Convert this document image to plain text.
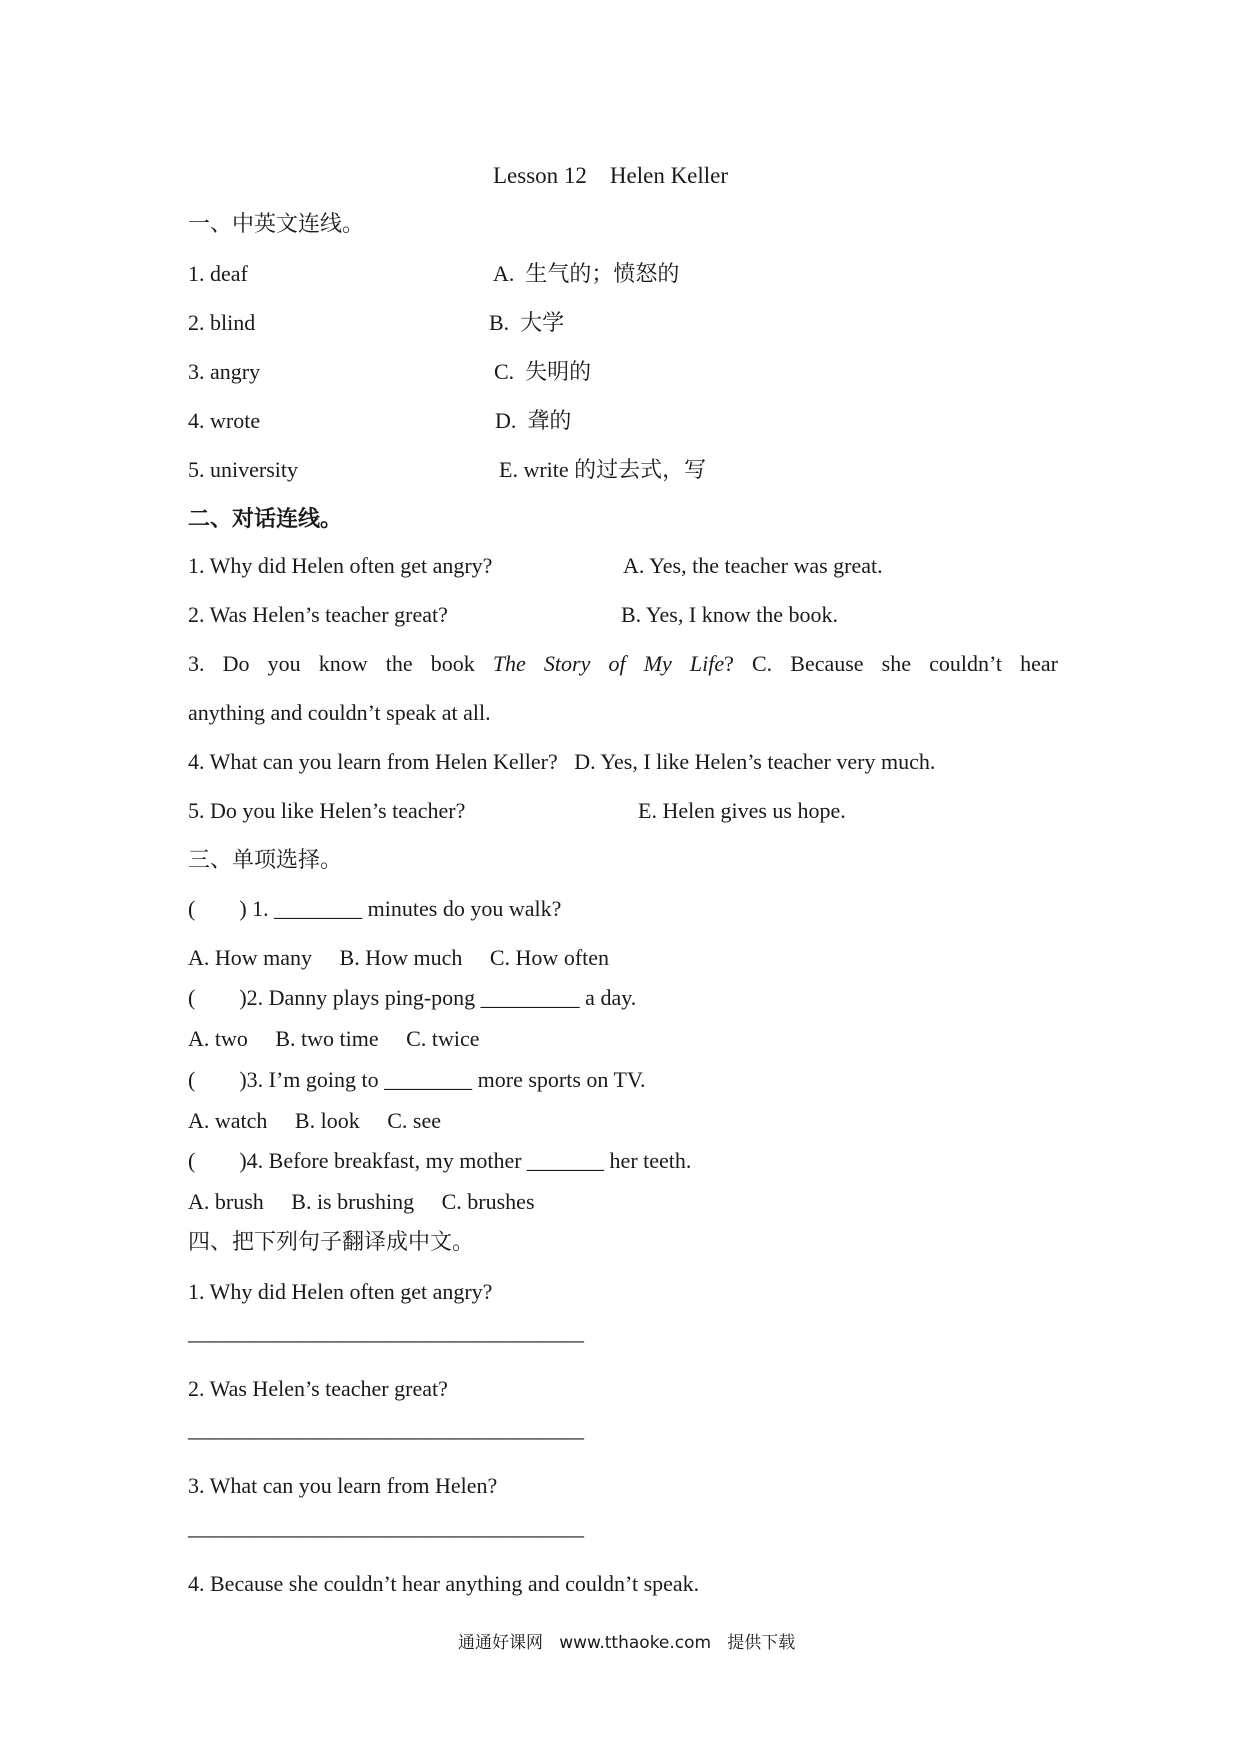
Lesson 12    Helen Keller
一、中英文连线。
1. deaf	A.  生气的；愤怒的
2. blind	B.  大学
3. angry	C.  失明的
4. wrote	D.  聋的
5. university	E. write 的过去式，写
二、对话连线。
1. Why did Helen often get angry?	A. Yes, the teacher was great.
2. Was Helen’s teacher great?	B. Yes, I know the book.
3. Do you know the book The Story of My Life? C. Because she couldn’t hear
anything and couldn’t speak at all.
4. What can you learn from Helen Keller?   D. Yes, I like Helen’s teacher very much.
5. Do you like Helen’s teacher?	E. Helen gives us hope.
三、单项选择。
(        ) 1. ________ minutes do you walk?
A. How many     B. How much     C. How often
(        )2. Danny plays ping-pong _________ a day.
A. two     B. two time     C. twice
(        )3. I’m going to ________ more sports on TV.
A. watch     B. look     C. see
(        )4. Before breakfast, my mother _______ her teeth.
A. brush     B. is brushing     C. brushes
四、把下列句子翻译成中文。
1. Why did Helen often get angry?
——————————————————
2. Was Helen’s teacher great?
——————————————————
3. What can you learn from Helen?
——————————————————
4. Because she couldn’t hear anything and couldn’t speak.
通通好课网   www.tthaoke.com   提供下载
